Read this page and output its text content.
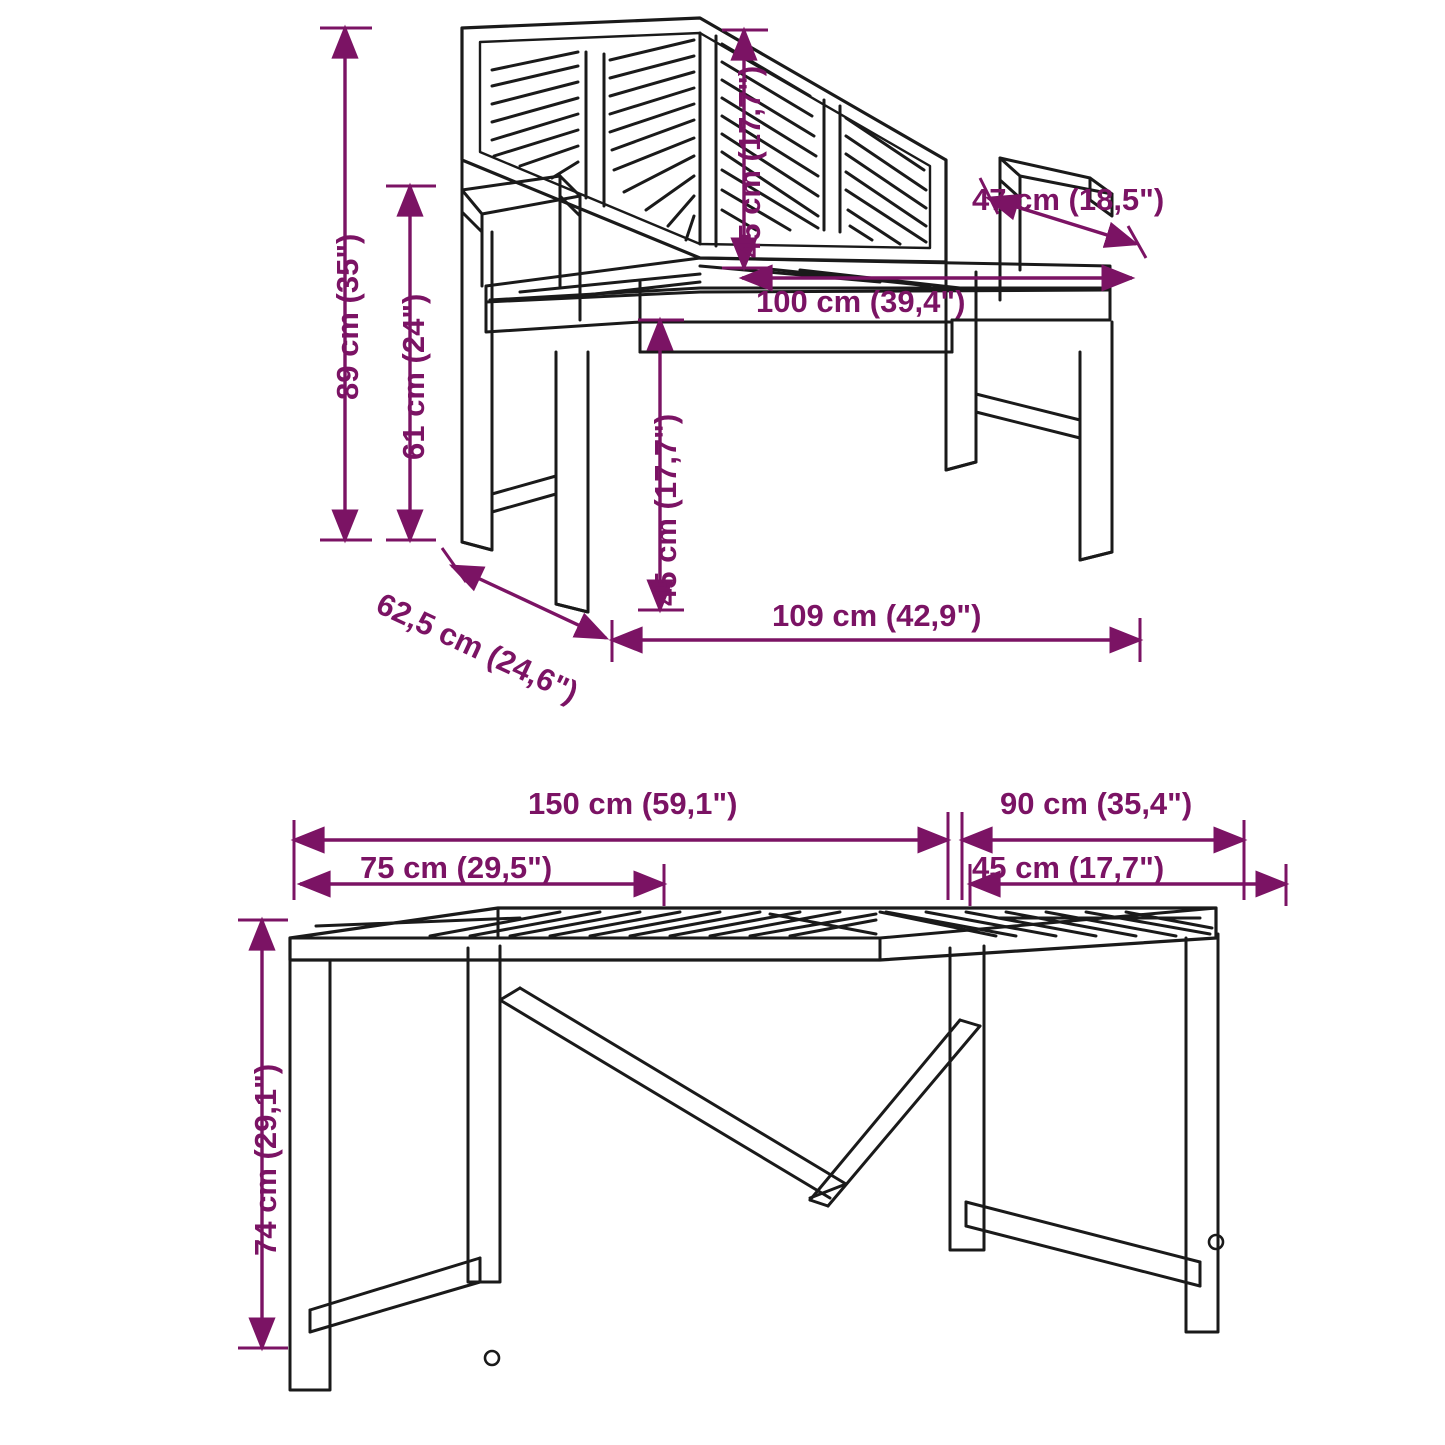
89 cm (35") 61 cm (24")
45 cm (17,7")	47 cm (18,5")
100 cm (39,4")
45 cm (17,7")
62,5 cm (24,6")	109 cm (42,9")
150 cm (59,1")	90 cm (35,4")
75 cm (29,5")	45 cm (17,7")
74 cm (29,1")
